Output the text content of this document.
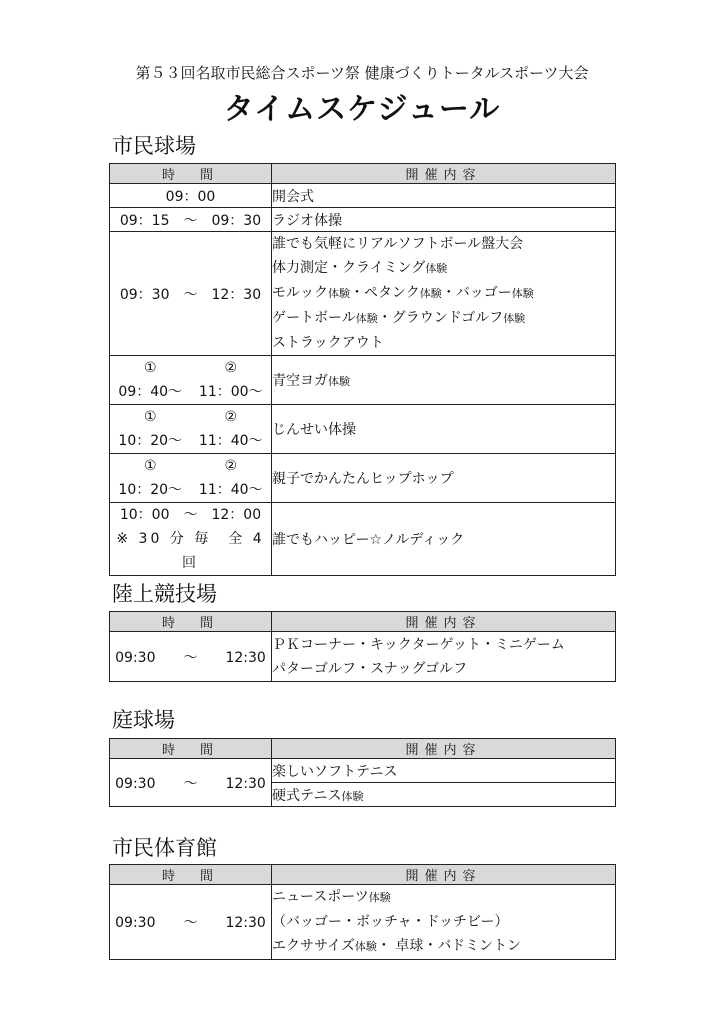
第５３回名取市民総合スポーツ祭 健康づくりトータルスポーツ大会
タイムスケジュール
市民球場
時　間	開催内容
09：00	開会式
09：15　～　09：30	ラジオ体操
09：30　～　12：30	誰でも気軽にリアルソフトボール盤大会
体力測定・クライミング体験
モルック体験・ペタンク体験・バッゴー体験
ゲートボール体験・グラウンドゴルフ体験
ストラックアウト

① ②
09：40～ 11：00～	青空ヨガ体験

① ②
10：20～ 11：40～	じんせい体操

① ②
10：20～ 11：40～	親子でかんたんヒップホップ

10：00　～　12：00
※ 30 分 毎　全 4 回	誰でもハッピー☆ノルディック
陸上競技場
時　間	開催内容
09:30　　～　　12:30	ＰＫコーナー・キックターゲット・ミニゲーム
パターゴルフ・スナッグゴルフ
庭球場
時　間	開催内容
09:30　　～　　12:30	楽しいソフトテニス
	硬式テニス体験
市民体育館
時　間	開催内容
09:30　　～　　12:30	ニュースポーツ体験
（バッゴー・ボッチャ・ドッチビー）
エクササイズ体験・ 卓球・バドミントン
